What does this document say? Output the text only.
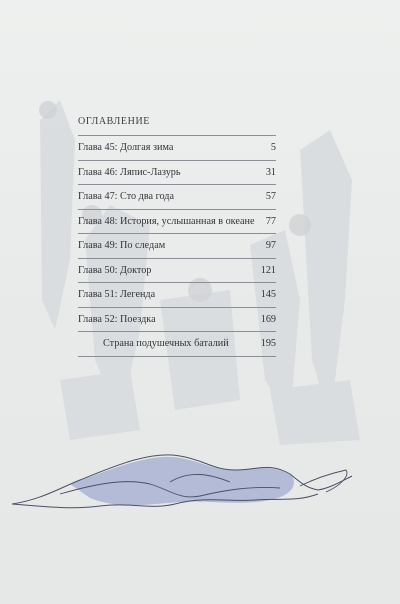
ОГЛАВЛЕНИЕ
Глава 45: Долгая зима	5
Глава 46: Ляпис-Лазурь	31
Глава 47: Сто два года	57
Глава 48: История, услышанная в океане 77
Глава 49: По следам	97
Глава 50: Доктор	121
Глава 51: Легенда	145
Глава 52: Поездка	169
Страна подушечных баталий	195
